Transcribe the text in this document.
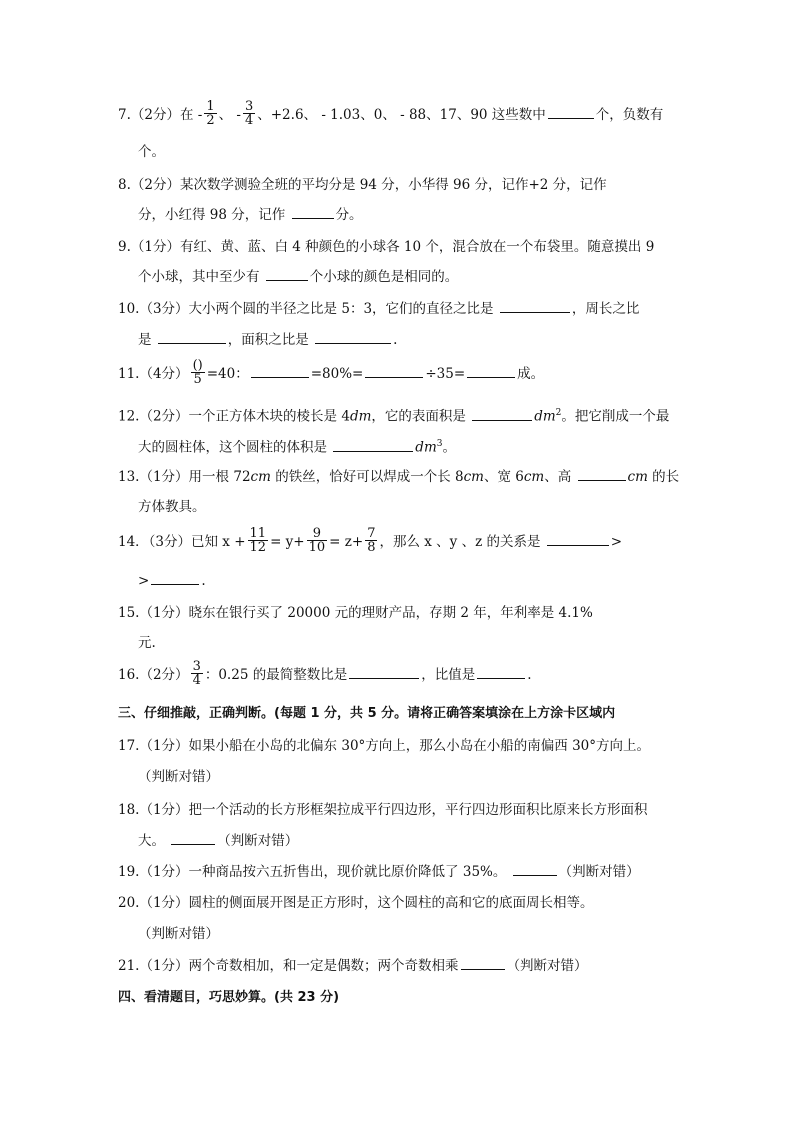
7.（2分）在 - $\frac{1}{2}$ 、 - $\frac{3}{4}$ 、+2.6、 - 1.03、0、 - 88、17、90 这些数中	个，负数有
个。
8.（2分）某次数学测验全班的平均分是 94 分，小华得 96 分，记作+2 分，记作
分，小红得 98 分，记作	分。
9.（1分）有红、黄、蓝、白 4 种颜色的小球各 10 个，混合放在一个布袋里。随意摸出 9
个小球，其中至少有	个小球的颜色是相同的。
10.（3分）大小两个圆的半径之比是 5：3，它们的直径之比是	，周长之比
是	，面积之比是	.
11.（4分） $\frac{()}{5} =40$：	=80%=	÷35=	成。
12.（2分）一个正方体木块的棱长是 4dm，它的表面积是	$dm^2$。把它削成一个最
大的圆柱体，这个圆柱的体积是	$dm^3$。
13.（1分）用一根 72cm 的铁丝，恰好可以焊成一个长 8cm、宽 6cm、高	cm 的长
方体教具。
14．（3分）已知 $x + \frac{11}{12} = y+ \frac{9}{10} = z+ \frac{7}{8}$ ，那么 x 、y 、z 的关系是	>
>	.
15.（1分）晓东在银行买了 20000 元的理财产品，存期 2 年，年利率是 4.1%
元.
16.（2分） $\frac{3}{4}$ ：0.25 的最简整数比是	，比值是	.
三、仔细推敲，正确判断。(每题 1 分，共 5 分。请将正确答案填涂在上方涂卡区域内
17.（1分）如果小船在小岛的北偏东 30°方向上，那么小岛在小船的南偏西 30°方向上。
（判断对错）
18.（1分）把一个活动的长方形框架拉成平行四边形，平行四边形面积比原来长方形面积
大。	（判断对错）
19.（1分）一种商品按六五折售出，现价就比原价降低了 35%。	（判断对错）
20.（1分）圆柱的侧面展开图是正方形时，这个圆柱的高和它的底面周长相等。
（判断对错）
21.（1分）两个奇数相加，和一定是偶数；两个奇数相乘	（判断对错）
四、看清题目，巧思妙算。(共 23 分)
